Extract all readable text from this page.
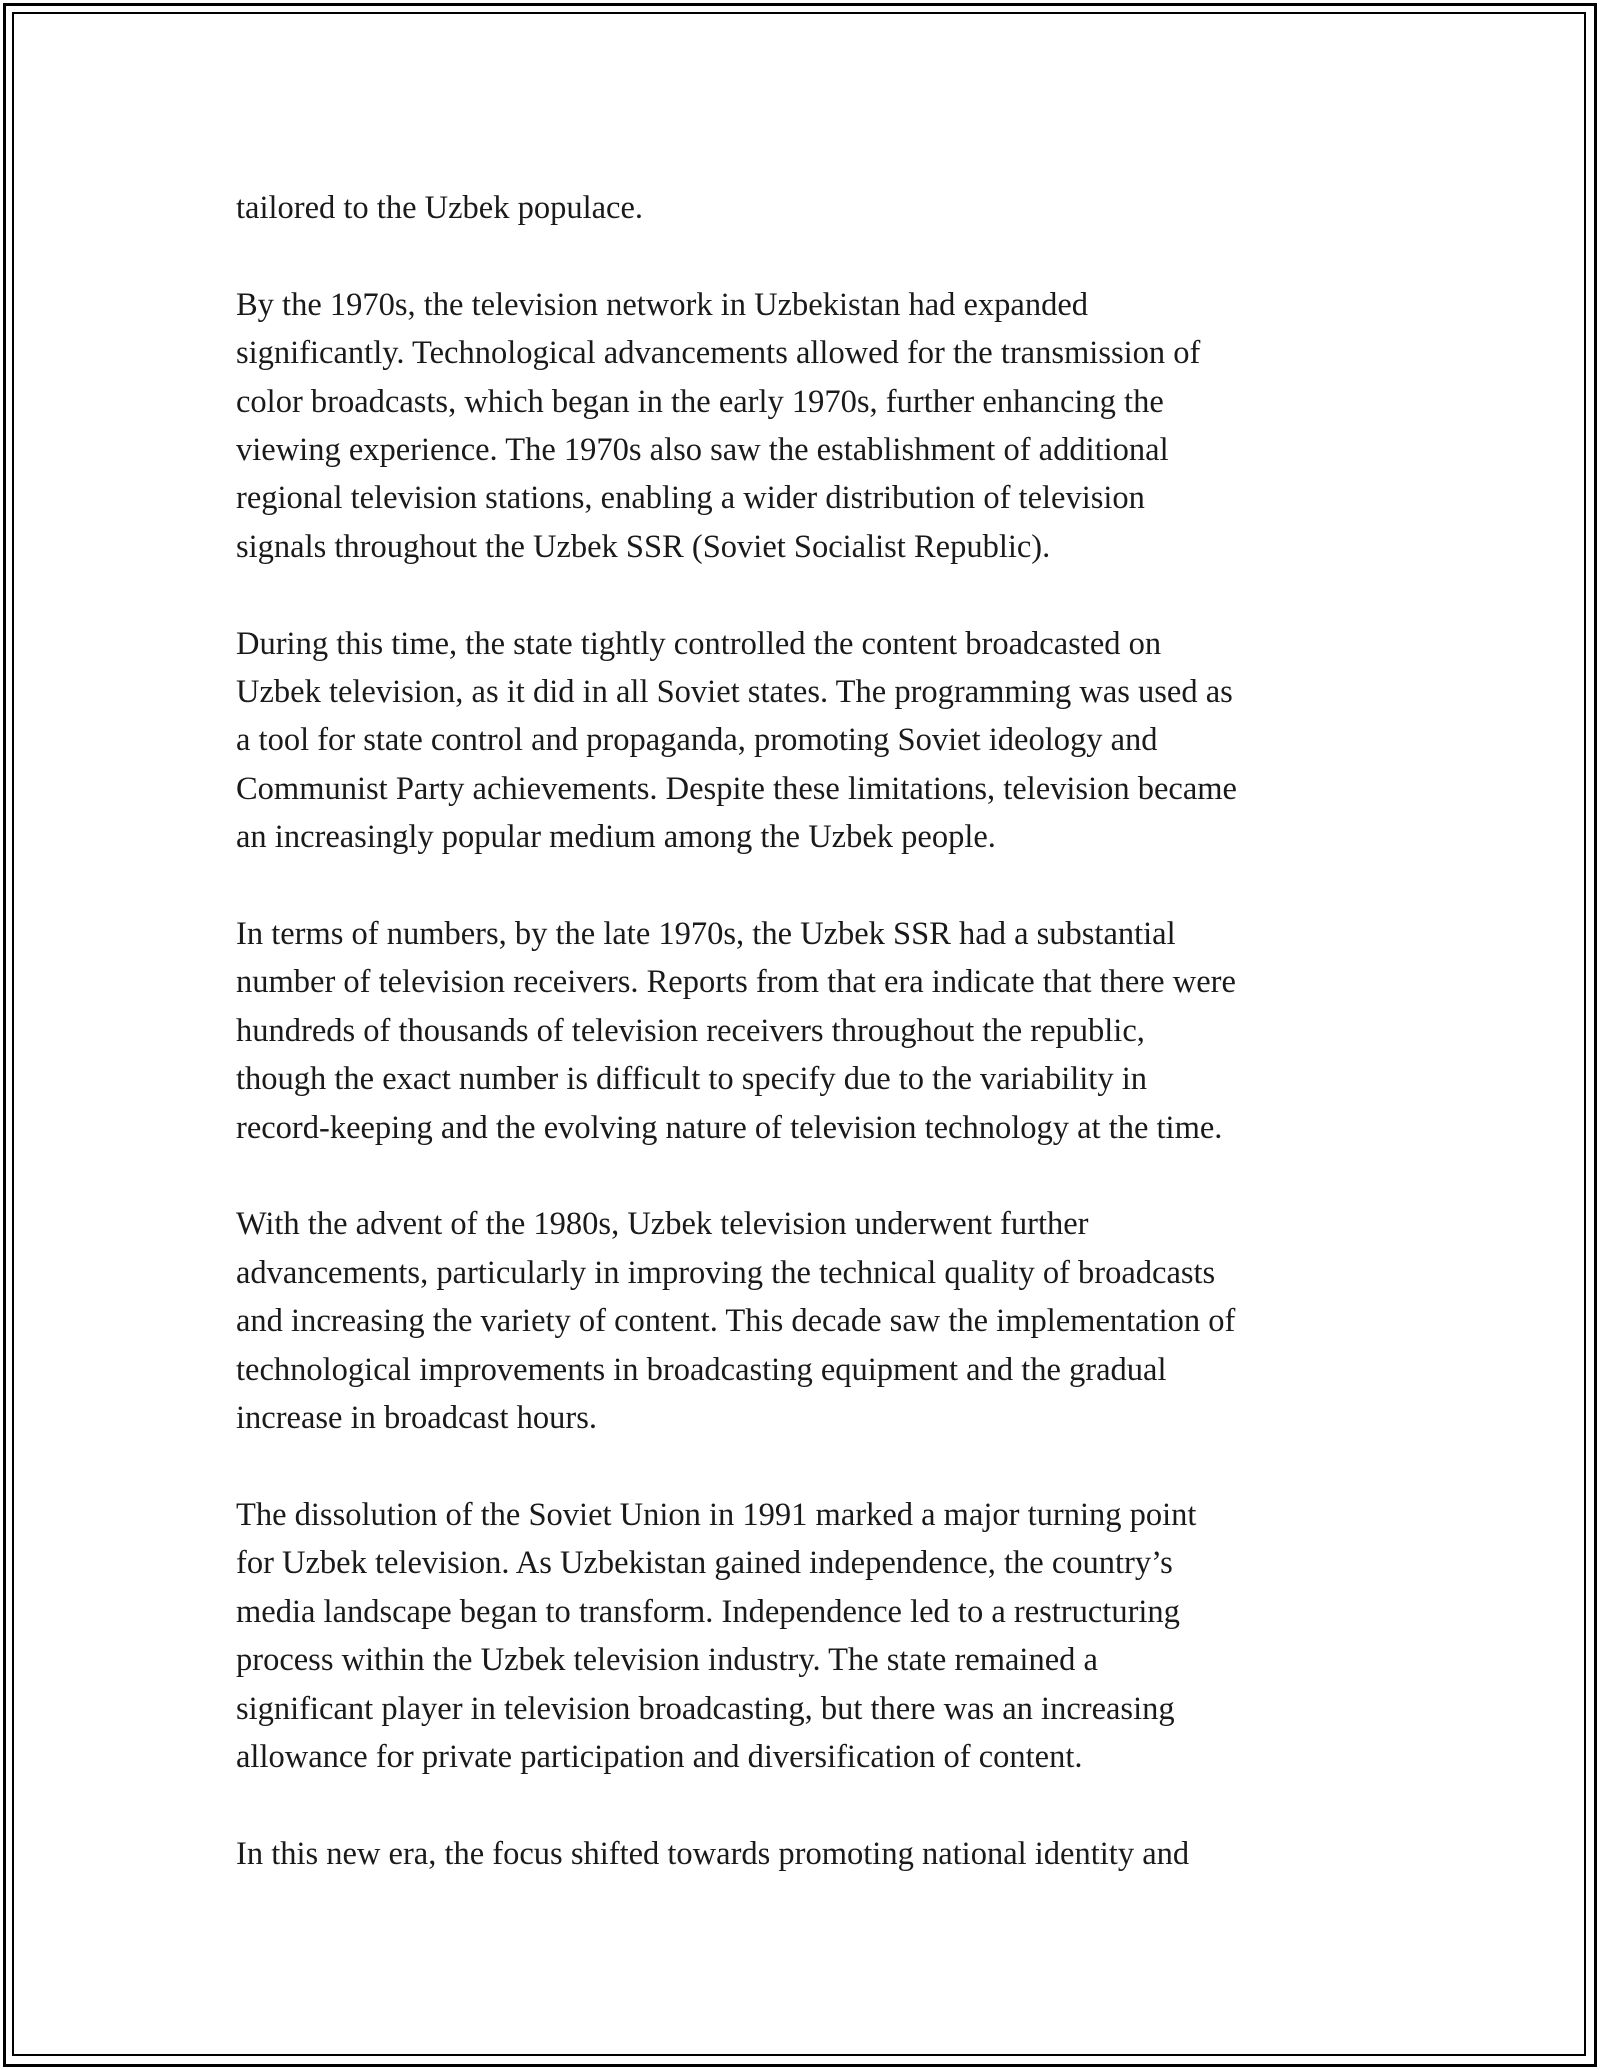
tailored to the Uzbek populace.

By the 1970s, the television network in Uzbekistan had expanded
significantly. Technological advancements allowed for the transmission of
color broadcasts, which began in the early 1970s, further enhancing the
viewing experience. The 1970s also saw the establishment of additional
regional television stations, enabling a wider distribution of television
signals throughout the Uzbek SSR (Soviet Socialist Republic).

During this time, the state tightly controlled the content broadcasted on
Uzbek television, as it did in all Soviet states. The programming was used as
a tool for state control and propaganda, promoting Soviet ideology and
Communist Party achievements. Despite these limitations, television became
an increasingly popular medium among the Uzbek people.

In terms of numbers, by the late 1970s, the Uzbek SSR had a substantial
number of television receivers. Reports from that era indicate that there were
hundreds of thousands of television receivers throughout the republic,
though the exact number is difficult to specify due to the variability in
record-keeping and the evolving nature of television technology at the time.

With the advent of the 1980s, Uzbek television underwent further
advancements, particularly in improving the technical quality of broadcasts
and increasing the variety of content. This decade saw the implementation of
technological improvements in broadcasting equipment and the gradual
increase in broadcast hours.

The dissolution of the Soviet Union in 1991 marked a major turning point
for Uzbek television. As Uzbekistan gained independence, the country’s
media landscape began to transform. Independence led to a restructuring
process within the Uzbek television industry. The state remained a
significant player in television broadcasting, but there was an increasing
allowance for private participation and diversification of content.

In this new era, the focus shifted towards promoting national identity and
